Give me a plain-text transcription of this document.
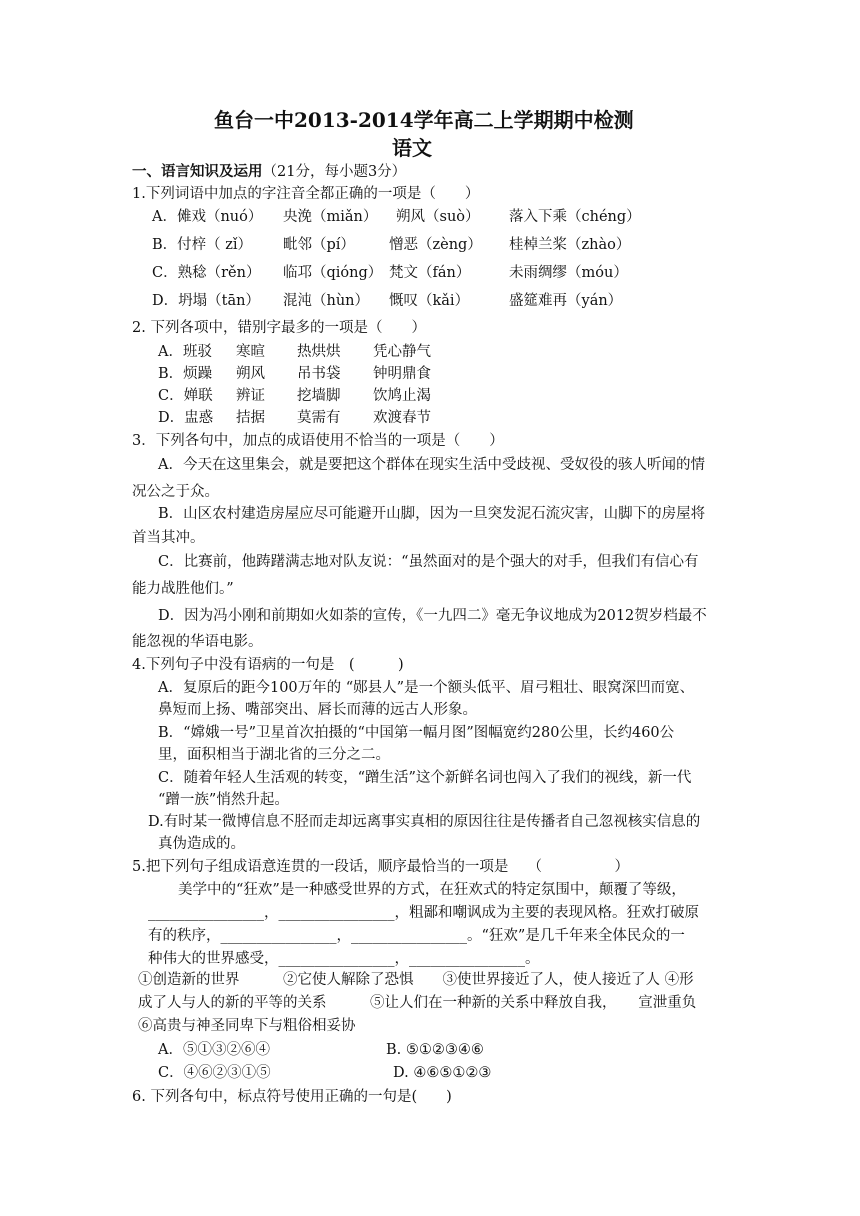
鱼台一中2013-2014学年高二上学期期中检测
语文
一、语言知识及运用（21分，每小题3分）
1.下列词语中加点的字注音全都正确的一项是（　　）
A．傩戏（nuó） 央浼（miǎn） 朔风（suò） 落入下乘（chéng）
B．付梓（ zǐ） 毗邻（pí） 憎恶（zèng） 桂棹兰桨（zhào）
C．熟稔（rěn） 临邛（qióng） 梵文（fán）	未雨绸缪（móu）
D．坍塌（tān） 混沌（hùn） 慨叹（kǎi）	盛筵难再（yán）
2. 下列各项中，错别字最多的一项是（　　）
A．班驳 寒暄 热烘烘 凭心静气
B．烦躁 朔风 吊书袋 钟明鼎食
C．婵联 辨证 挖墙脚 饮鸠止渴
D．盅惑 拮据 莫需有 欢渡春节
3．下列各句中，加点的成语使用不恰当的一项是（　　）
A．今天在这里集会，就是要把这个群体在现实生活中受歧视、受奴役的骇人听闻的情
况公之于众。
B．山区农村建造房屋应尽可能避开山脚，因为一旦突发泥石流灾害，山脚下的房屋将
首当其冲。
C．比赛前，他踌躇满志地对队友说：“虽然面对的是个强大的对手，但我们有信心有
能力战胜他们。”
D．因为冯小刚和前期如火如荼的宣传，《一九四二》毫无争议地成为2012贺岁档最不
能忽视的华语电影。
4.下列句子中没有语病的一句是　(　　　)
A．复原后的距今100万年的 “郧县人”是一个额头低平、眉弓粗壮、眼窝深凹而宽、
鼻短而上扬、嘴部突出、唇长而薄的远古人形象。
B．“嫦娥一号”卫星首次拍摄的“中国第一幅月图”图幅宽约280公里，长约460公
里，面积相当于湖北省的三分之二。
C．随着年轻人生活观的转变，“蹭生活”这个新鲜名词也闯入了我们的视线，新一代
“蹭一族”悄然升起。
D.有时某一微博信息不胫而走却远离事实真相的原因往往是传播者自己忽视核实信息的
真伪造成的。
5.把下列句子组成语意连贯的一段话，顺序最恰当的一项是　 （　　　　　）
美学中的“狂欢”是一种感受世界的方式，在狂欢式的特定氛围中，颠覆了等级，
________________，________________，粗鄙和嘲讽成为主要的表现风格。狂欢打破原
有的秩序，________________，________________。“狂欢”是几千年来全体民众的一
种伟大的世界感受，________________，________________。
①创造新的世界　　　②它使人解除了恐惧　　③使世界接近了人，使人接近了人 ④形
成了人与人的新的平等的关系　　　⑤让人们在一种新的关系中释放自我，　　宣泄重负
⑥高贵与神圣同卑下与粗俗相妥协
A．⑤①③②⑥④	B. ⑤①②③④⑥
C．④⑥②③①⑤	D. ④⑥⑤①②③
6. 下列各句中，标点符号使用正确的一句是(　　)
